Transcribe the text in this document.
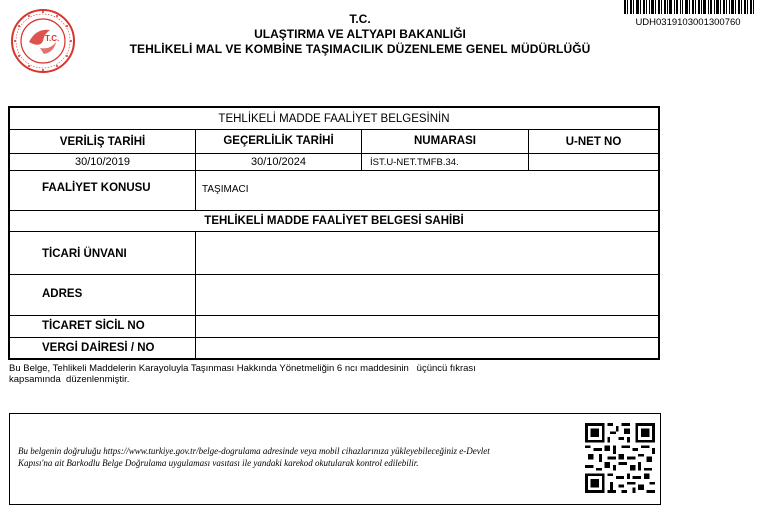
T.C.
T.C.
ULAŞTIRMA VE ALTYAPI BAKANLIĞI
TEHLİKELİ MAL VE KOMBİNE TAŞIMACILIK DÜZENLEME GENEL MÜDÜRLÜĞÜ
UDH0319103001300760
TEHLİKELİ MADDE FAALİYET BELGESİNİN
VERİLİŞ TARİHİ	GEÇERLİLİK TARİHİ	NUMARASI	U-NET NO
30/10/2019	30/10/2024	İST.U-NET.TMFB.34.
FAALİYET KONUSU	TAŞIMACI
TEHLİKELİ MADDE FAALİYET BELGESİ SAHİBİ
TİCARİ ÜNVANI
ADRES
TİCARET SİCİL NO
VERGİ DAİRESİ / NO
Bu Belge, Tehlikeli Maddelerin Karayoluyla Taşınması Hakkında Yönetmeliğin 6 ncı maddesinin   üçüncü fıkrası
kapsamında  düzenlenmiştir.
Bu belgenin doğruluğu https://www.turkiye.gov.tr/belge-dogrulama adresinde veya mobil cihazlarınıza yükleyebileceğiniz e-Devlet
Kapısı'na ait Barkodlu Belge Doğrulama uygulaması vasıtası ile yandaki karekod okutularak kontrol edilebilir.
